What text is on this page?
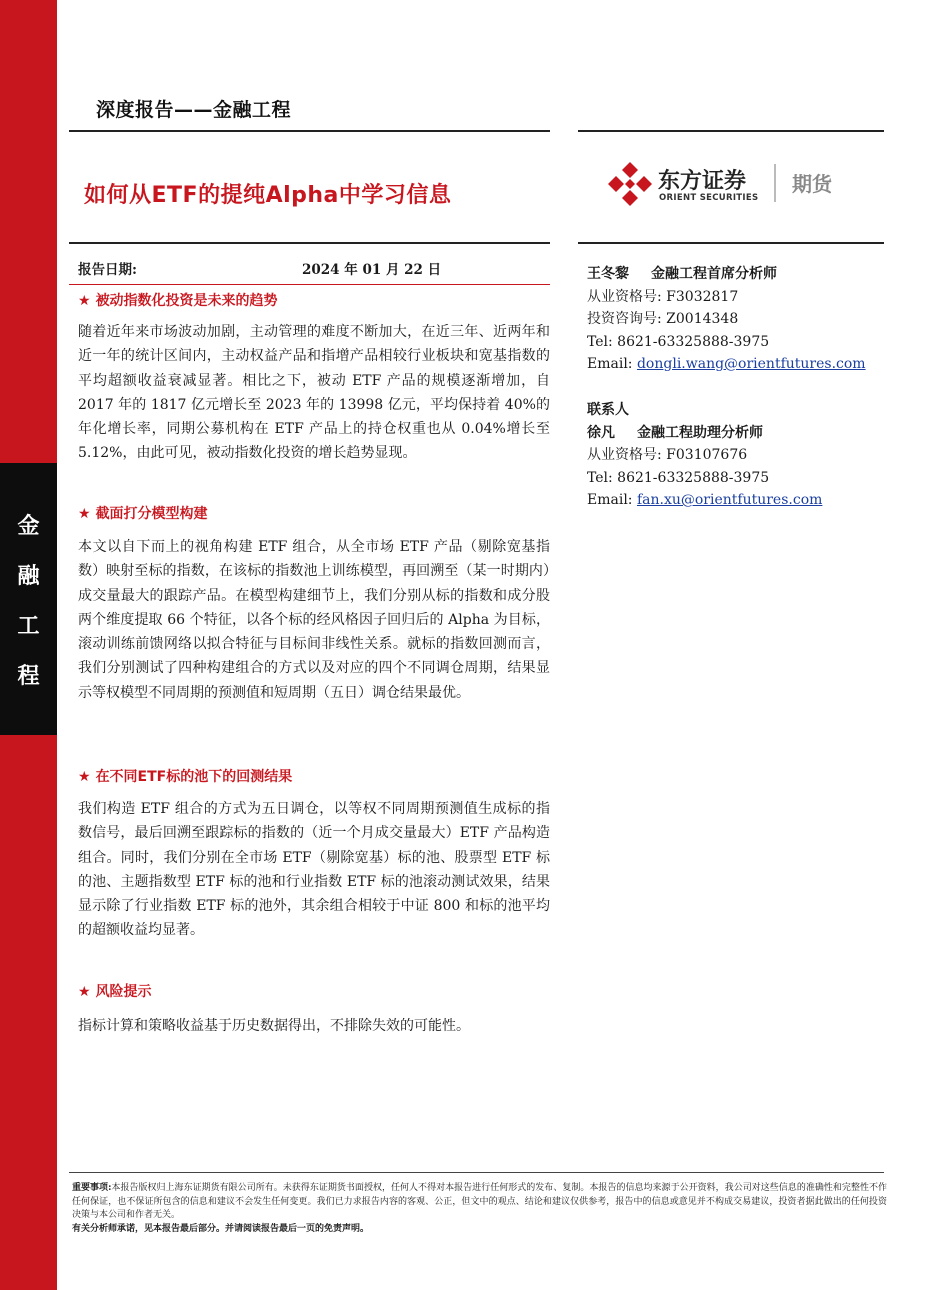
金
融
工
程
深度报告——金融工程
如何从ETF的提纯Alpha中学习信息
东方证券
ORIENT SECURITIES
期货
报告日期:	2024 年 01 月 22 日
★ 被动指数化投资是未来的趋势

随着近年来市场波动加剧，主动管理的难度不断加大，在近三年、近两年和近一年的统计区间内，主动权益产品和指增产品相较行业板块和宽基指数的平均超额收益衰减显著。相比之下，被动 ETF 产品的规模逐渐增加，自 2017 年的 1817 亿元增长至 2023 年的 13998 亿元，平均保持着 40%的年化增长率，同期公募机构在 ETF 产品上的持仓权重也从 0.04%增长至 5.12%，由此可见，被动指数化投资的增长趋势显现。

★ 截面打分模型构建

本文以自下而上的视角构建 ETF 组合，从全市场 ETF 产品（剔除宽基指数）映射至标的指数，在该标的指数池上训练模型，再回溯至（某一时期内）成交量最大的跟踪产品。在模型构建细节上，我们分别从标的指数和成分股两个维度提取 66 个特征，以各个标的经风格因子回归后的 Alpha 为目标，滚动训练前馈网络以拟合特征与目标间非线性关系。就标的指数回测而言，我们分别测试了四种构建组合的方式以及对应的四个不同调仓周期，结果显示等权模型不同周期的预测值和短周期（五日）调仓结果最优。

★ 在不同ETF标的池下的回测结果

我们构造 ETF 组合的方式为五日调仓，以等权不同周期预测值生成标的指数信号，最后回溯至跟踪标的指数的（近一个月成交量最大）ETF 产品构造组合。同时，我们分别在全市场 ETF（剔除宽基）标的池、股票型 ETF 标的池、主题指数型 ETF 标的池和行业指数 ETF 标的池滚动测试效果，结果显示除了行业指数 ETF 标的池外，其余组合相较于中证 800 和标的池平均的超额收益均显著。

★ 风险提示

指标计算和策略收益基于历史数据得出，不排除失效的可能性。

王冬黎 金融工程首席分析师
从业资格号: F3032817
投资咨询号: Z0014348
Tel: 8621-63325888-3975
Email: dongli.wang@orientfutures.com
联系人
徐凡 金融工程助理分析师
从业资格号: F03107676
Tel: 8621-63325888-3975
Email: fan.xu@orientfutures.com
重要事项:本报告版权归上海东证期货有限公司所有。未获得东证期货书面授权，任何人不得对本报告进行任何形式的发布、复制。本报告的信息均来源于公开资料，我公司对这些信息的准确性和完整性不作任何保证，也不保证所包含的信息和建议不会发生任何变更。我们已力求报告内容的客观、公正，但文中的观点、结论和建议仅供参考，报告中的信息或意见并不构成交易建议，投资者据此做出的任何投资决策与本公司和作者无关。
有关分析师承诺，见本报告最后部分。并请阅读报告最后一页的免责声明。
